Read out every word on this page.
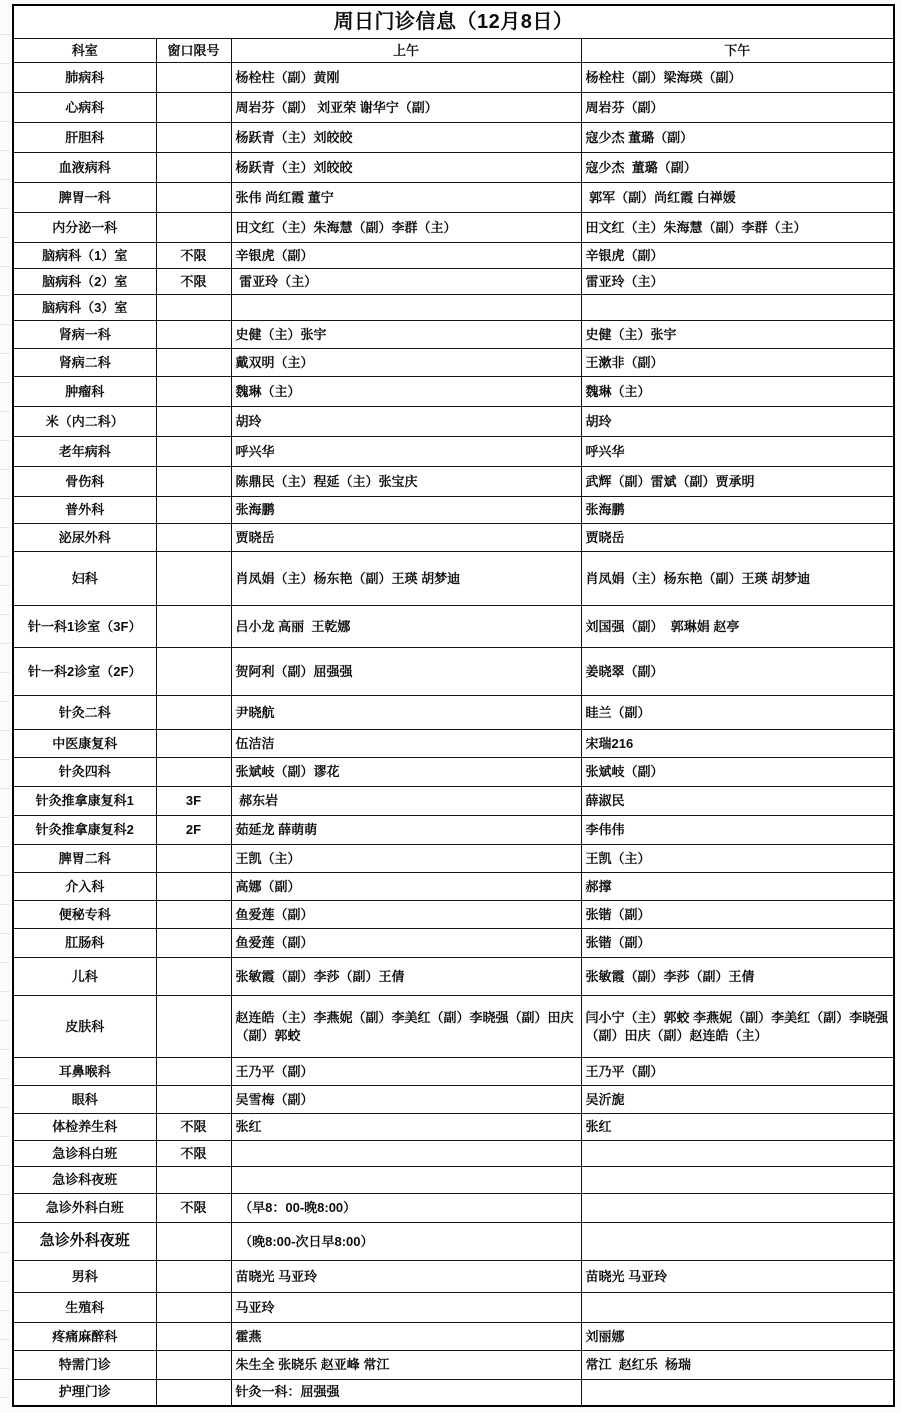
周日门诊信息（12月8日）			
科室	窗口限号	上午	下午
肺病科		杨栓柱（副）黄刚	杨栓柱（副）梁海瑛（副）
心病科		周岩芬（副） 刘亚荣 谢华宁（副）	周岩芬（副）
肝胆科		杨跃青（主）刘皎皎	寇少杰 董璐（副）
血液病科		杨跃青（主）刘皎皎	寇少杰  董璐（副）
脾胃一科		张伟 尚红霞 董宁	郭军（副）尚红霞 白禅媛
内分泌一科		田文红（主）朱海慧（副）李群（主）	田文红（主）朱海慧（副）李群（主）
脑病科（1）室	不限	辛银虎（副）	辛银虎（副）
脑病科（2）室	不限	雷亚玲（主）	雷亚玲（主）
脑病科（3）室			
肾病一科		史健（主）张宇	史健（主）张宇
肾病二科		戴双明（主）	王漱非（副）
肿瘤科		魏琳（主）	魏琳（主）
米（内二科）		胡玲	胡玲
老年病科		呼兴华	呼兴华
骨伤科		陈鼎民（主）程延（主）张宝庆	武辉（副）雷斌（副）贾承明
普外科		张海鹏	张海鹏
泌尿外科		贾晓岳	贾晓岳
妇科		肖凤娟（主）杨东艳（副）王瑛 胡梦迪	肖凤娟（主）杨东艳（副）王瑛 胡梦迪
针一科1诊室（3F）		吕小龙 高丽  王乾娜	刘国强（副）  郭琳娟 赵亭
针一科2诊室（2F）		贺阿利（副）屈强强	姜晓翠（副）
针灸二科		尹晓航	眭兰（副）
中医康复科		伍洁洁	宋瑞216
针灸四科		张斌岐（副）谬花	张斌岐（副）
针灸推拿康复科1	3F	郝东岩	薛淑民
针灸推拿康复科2	2F	茹延龙 薛萌萌	李伟伟
脾胃二科		王凯（主）	王凯（主）
介入科		高娜（副）	郝撑
便秘专科		鱼爱莲（副）	张锴（副）
肛肠科		鱼爱莲（副）	张锴（副）
儿科		张敏霞（副）李莎（副）王倩	张敏霞（副）李莎（副）王倩
皮肤科		赵连皓（主）李燕妮（副）李美红（副）李晓强（副）田庆（副）郭蛟	闫小宁（主）郭蛟 李燕妮（副）李美红（副）李晓强（副）田庆（副）赵连皓（主）
耳鼻喉科		王乃平（副）	王乃平（副）
眼科		吴雪梅（副）	吴沂旎
体检养生科	不限	张红	张红
急诊科白班	不限		
急诊科夜班			
急诊外科白班	不限	（早8：00-晚8:00）	
急诊外科夜班		（晚8:00-次日早8:00）	
男科		苗晓光 马亚玲	苗晓光 马亚玲
生殖科		马亚玲	
疼痛麻醉科		霍燕	刘丽娜
特需门诊		朱生全 张晓乐 赵亚峰 常江	常江  赵红乐  杨瑞
护理门诊		针灸一科：屈强强	
